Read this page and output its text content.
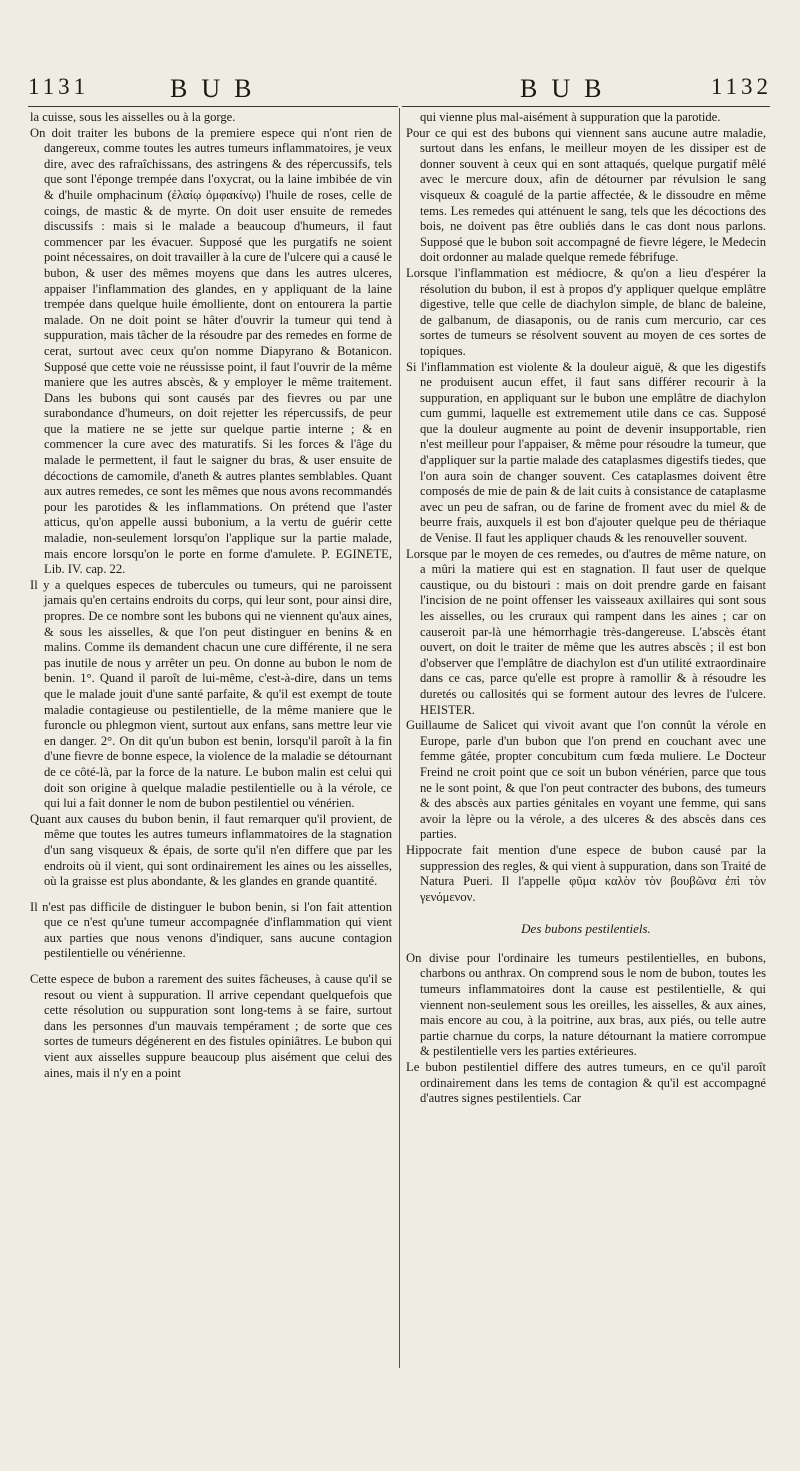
1131	BUB	BUB	1132

la cuisse, sous les aisselles ou à la gorge.

On doit traiter les bubons de la premiere espece qui n'ont rien de dangereux, comme toutes les autres tumeurs inflammatoires, je veux dire, avec des rafraîchissans, des astringens & des répercussifs, tels que sont l'éponge trempée dans l'oxycrat, ou la laine imbibée de vin & d'huile omphacinum (ἐλαίῳ ὀμφακίνῳ) l'huile de roses, celle de coings, de mastic & de myrte. On doit user ensuite de remedes discussifs : mais si le malade a beaucoup d'humeurs, il faut commencer par les évacuer. Supposé que les purgatifs ne soient point nécessaires, on doit travailler à la cure de l'ulcere qui a causé le bubon, & user des mêmes moyens que dans les autres ulceres, appaiser l'inflammation des glandes, en y appliquant de la laine trempée dans quelque huile émolliente, dont on entourera la partie malade. On ne doit point se hâter d'ouvrir la tumeur qui tend à suppuration, mais tâcher de la résoudre par des remedes en forme de cerat, surtout avec ceux qu'on nomme Diapyrano & Botanicon. Supposé que cette voie ne réussisse point, il faut l'ouvrir de la même maniere que les autres abscès, & y employer le même traitement. Dans les bubons qui sont causés par des fievres ou par une surabondance d'humeurs, on doit rejetter les répercussifs, de peur que la matiere ne se jette sur quelque partie interne ; & en commencer la cure avec des maturatifs. Si les forces & l'âge du malade le permettent, il faut le saigner du bras, & user ensuite de décoctions de camomile, d'aneth & autres plantes semblables. Quant aux autres remedes, ce sont les mêmes que nous avons recommandés pour les parotides & les inflammations. On prétend que l'aster atticus, qu'on appelle aussi bubonium, a la vertu de guérir cette maladie, non-seulement lorsqu'on l'applique sur la partie malade, mais encore lorsqu'on le porte en forme d'amulete. P. EGINETE, Lib. IV. cap. 22.

Il y a quelques especes de tubercules ou tumeurs, qui ne paroissent jamais qu'en certains endroits du corps, qui leur sont, pour ainsi dire, propres. De ce nombre sont les bubons qui ne viennent qu'aux aines, & sous les aisselles, & que l'on peut distinguer en benins & en malins. Comme ils demandent chacun une cure différente, il ne sera pas inutile de nous y arrêter un peu. On donne au bubon le nom de benin. 1°. Quand il paroît de lui-même, c'est-à-dire, dans un tems que le malade jouit d'une santé parfaite, & qu'il est exempt de toute maladie contagieuse ou pestilentielle, de la même maniere que le furoncle ou phlegmon vient, surtout aux enfans, sans mettre leur vie en danger. 2°. On dit qu'un bubon est benin, lorsqu'il paroît à la fin d'une fievre de bonne espece, la violence de la maladie se détournant de ce côté-là, par la force de la nature. Le bubon malin est celui qui doit son origine à quelque maladie pestilentielle ou à la vérole, ce qui lui a fait donner le nom de bubon pestilentiel ou vénérien.

Quant aux causes du bubon benin, il faut remarquer qu'il provient, de même que toutes les autres tumeurs inflammatoires de la stagnation d'un sang visqueux & épais, de sorte qu'il n'en differe que par les endroits où il vient, qui sont ordinairement les aines ou les aisselles, où la graisse est plus abondante, & les glandes en grande quantité.

Il n'est pas difficile de distinguer le bubon benin, si l'on fait attention que ce n'est qu'une tumeur accompagnée d'inflammation qui vient aux parties que nous venons d'indiquer, sans aucune contagion pestilentielle ou vénérienne.

Cette espece de bubon a rarement des suites fâcheuses, à cause qu'il se resout ou vient à suppuration. Il arrive cependant quelquefois que cette résolution ou suppuration sont long-tems à se faire, surtout dans les personnes d'un mauvais tempérament ; de sorte que ces sortes de tumeurs dégénerent en des fistules opiniâtres. Le bubon qui vient aux aisselles suppure beaucoup plus aisément que celui des aines, mais il n'y en a point

qui vienne plus mal-aisément à suppuration que la parotide.

Pour ce qui est des bubons qui viennent sans aucune autre maladie, surtout dans les enfans, le meilleur moyen de les dissiper est de donner souvent à ceux qui en sont attaqués, quelque purgatif mêlé avec le mercure doux, afin de détourner par révulsion le sang visqueux & coagulé de la partie affectée, & le dissoudre en même tems. Les remedes qui atténuent le sang, tels que les décoctions des bois, ne doivent pas être oubliés dans le cas dont nous parlons. Supposé que le bubon soit accompagné de fievre légere, le Medecin doit ordonner au malade quelque remede fébrifuge.

Lorsque l'inflammation est médiocre, & qu'on a lieu d'espérer la résolution du bubon, il est à propos d'y appliquer quelque emplâtre digestive, telle que celle de diachylon simple, de blanc de baleine, de galbanum, de diasaponis, ou de ranis cum mercurio, car ces sortes de tumeurs se résolvent souvent au moyen de ces sortes de topiques.

Si l'inflammation est violente & la douleur aiguë, & que les digestifs ne produisent aucun effet, il faut sans différer recourir à la suppuration, en appliquant sur le bubon une emplâtre de diachylon cum gummi, laquelle est extremement utile dans ce cas. Supposé que la douleur augmente au point de devenir insupportable, rien n'est meilleur pour l'appaiser, & même pour résoudre la tumeur, que d'appliquer sur la partie malade des cataplasmes digestifs tiedes, que l'on aura soin de changer souvent. Ces cataplasmes doivent être composés de mie de pain & de lait cuits à consistance de cataplasme avec un peu de safran, ou de farine de froment avec du miel & de beurre frais, auxquels il est bon d'ajouter quelque peu de thériaque de Venise. Il faut les appliquer chauds & les renouveller souvent.

Lorsque par le moyen de ces remedes, ou d'autres de même nature, on a mûri la matiere qui est en stagnation. Il faut user de quelque caustique, ou du bistouri : mais on doit prendre garde en faisant l'incision de ne point offenser les vaisseaux axillaires qui sont sous les aisselles, ou les cruraux qui rampent dans les aines ; car on causeroit par-là une hémorrhagie très-dangereuse. L'abscès étant ouvert, on doit le traiter de même que les autres abscès ; il est bon d'observer que l'emplâtre de diachylon est d'un utilité extraordinaire dans ce cas, parce qu'elle est propre à ramollir & à résoudre les duretés ou callosités qui se forment autour des levres de l'ulcere. HEISTER.

Guillaume de Salicet qui vivoit avant que l'on connût la vérole en Europe, parle d'un bubon que l'on prend en couchant avec une femme gâtée, propter concubitum cum fœda muliere. Le Docteur Freind ne croit point que ce soit un bubon vénérien, parce que tous ne le sont point, & que l'on peut contracter des bubons, des tumeurs & des abscès aux parties génitales en voyant une femme, qui sans avoir la lèpre ou la vérole, a des ulceres & des abscès dans ces parties.

Hippocrate fait mention d'une espece de bubon causé par la suppression des regles, & qui vient à suppuration, dans son Traité de Natura Pueri. Il l'appelle φῦμα καλὸν τὸν βουβῶνα ἐπὶ τὸν γενόμενον.

Des bubons pestilentiels.

On divise pour l'ordinaire les tumeurs pestilentielles, en bubons, charbons ou anthrax. On comprend sous le nom de bubon, toutes les tumeurs inflammatoires dont la cause est pestilentielle, & qui viennent non-seulement sous les oreilles, les aisselles, & aux aines, mais encore au cou, à la poitrine, aux bras, aux piés, ou telle autre partie charnue du corps, la nature détournant la matiere corrompue & pestilentielle vers les parties extérieures.

Le bubon pestilentiel differe des autres tumeurs, en ce qu'il paroît ordinairement dans les tems de contagion & qu'il est accompagné d'autres signes pestilentiels. Car
